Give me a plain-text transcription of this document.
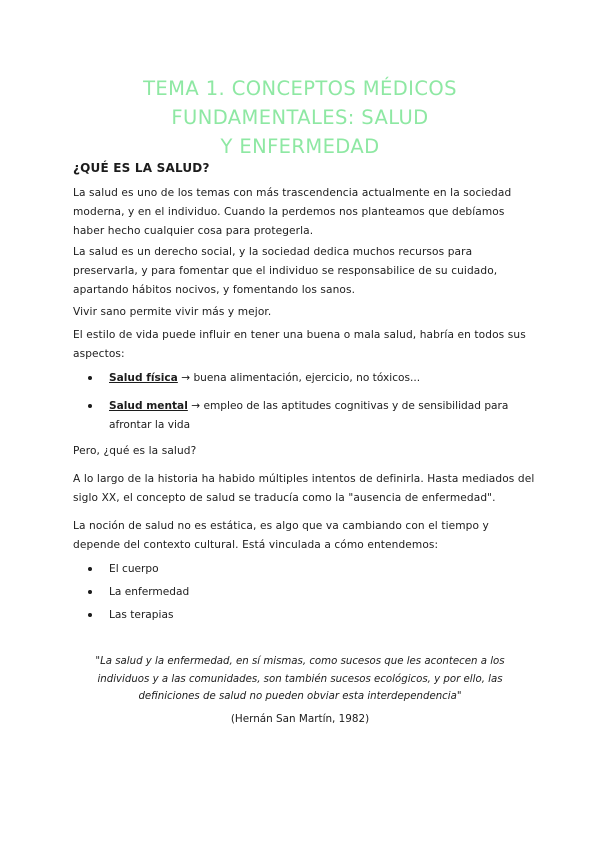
TEMA 1. CONCEPTOS MÉDICOS FUNDAMENTALES: SALUD
Y ENFERMEDAD
¿QUÉ ES LA SALUD?

La salud es uno de los temas con más trascendencia actualmente en la sociedad
moderna, y en el individuo. Cuando la perdemos nos planteamos que debíamos
haber hecho cualquier cosa para protegerla.

La salud es un derecho social, y la sociedad dedica muchos recursos para
preservarla, y para fomentar que el individuo se responsabilice de su cuidado,
apartando hábitos nocivos, y fomentando los sanos.

Vivir sano permite vivir más y mejor.

El estilo de vida puede influir en tener una buena o mala salud, habría en todos sus
aspectos:

Salud física → buena alimentación, ejercicio, no tóxicos...
Salud mental → empleo de las aptitudes cognitivas y de sensibilidad para
afrontar la vida

Pero, ¿qué es la salud?

A lo largo de la historia ha habido múltiples intentos de definirla. Hasta mediados del
siglo XX, el concepto de salud se traducía como la "ausencia de enfermedad".

La noción de salud no es estática, es algo que va cambiando con el tiempo y
depende del contexto cultural. Está vinculada a cómo entendemos:

El cuerpo
La enfermedad
Las terapias
"La salud y la enfermedad, en sí mismas, como sucesos que les acontecen a los
individuos y a las comunidades, son también sucesos ecológicos, y por ello, las
definiciones de salud no pueden obviar esta interdependencia"
(Hernán San Martín, 1982)
